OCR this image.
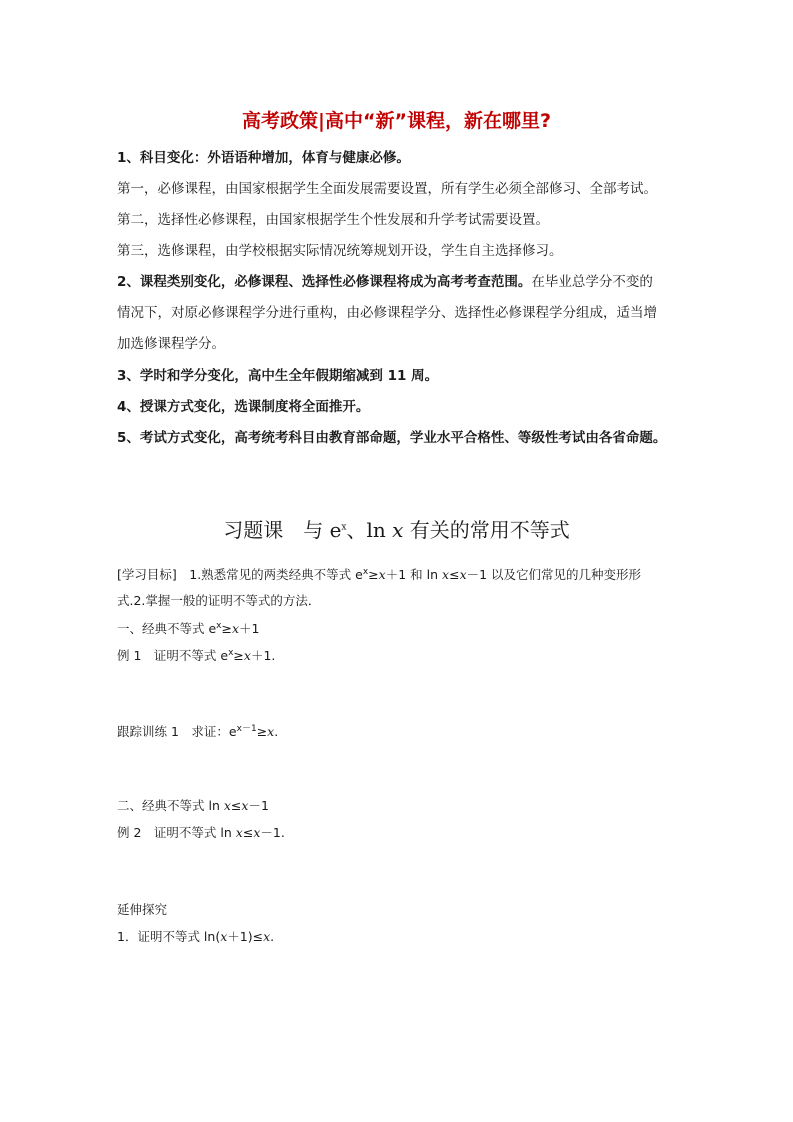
高考政策|高中“新”课程，新在哪里?
1、科目变化：外语语种增加，体育与健康必修。
第一，必修课程，由国家根据学生全面发展需要设置，所有学生必须全部修习、全部考试。
第二，选择性必修课程，由国家根据学生个性发展和升学考试需要设置。
第三，选修课程，由学校根据实际情况统筹规划开设，学生自主选择修习。
2、课程类别变化，必修课程、选择性必修课程将成为高考考查范围。在毕业总学分不变的
情况下，对原必修课程学分进行重构，由必修课程学分、选择性必修课程学分组成，适当增
加选修课程学分。
3、学时和学分变化，高中生全年假期缩减到 11 周。
4、授课方式变化，选课制度将全面推开。
5、考试方式变化，高考统考科目由教育部命题，学业水平合格性、等级性考试由各省命题。
习题课　与 $e^x$、ln x 有关的常用不等式
[学习目标]　1.熟悉常见的两类经典不等式 $e^x\ge x+1$ 和 ln x≤x－1 以及它们常见的几种变形形
式.2.掌握一般的证明不等式的方法．
一、经典不等式 $e^x\ge x+1$
例 1　证明不等式 $e^x\ge x+1$.
跟踪训练 1　求证：$e^{x-1}\ge x$.
二、经典不等式 ln x≤x－1
例 2　证明不等式 ln x≤x－1.
延伸探究
1．证明不等式 ln(x＋1)≤x.
